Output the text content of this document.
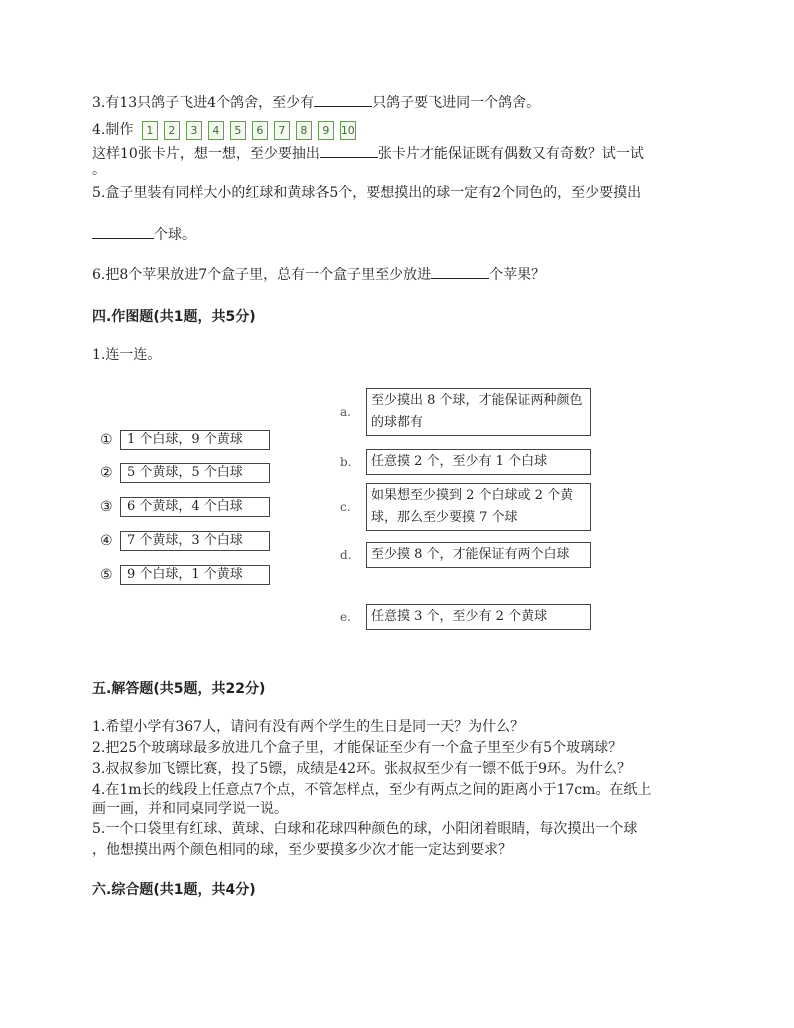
3.有13只鸽子飞进4个鸽舍，至少有	只鸽子要飞进同一个鸽舍。
4.制作	1	2	3	4	5	6	7	8	9	10
这样10张卡片，想一想，至少要抽出	张卡片才能保证既有偶数又有奇数？试一试
。
5.盒子里装有同样大小的红球和黄球各5个，要想摸出的球一定有2个同色的，至少要摸出
个球。
6.把8个苹果放进7个盒子里，总有一个盒子里至少放进	个苹果？
四.作图题(共1题，共5分)
1.连一连。
①	1 个白球，9 个黄球
②	5 个黄球，5 个白球
③	6 个黄球，4 个白球
④	7 个黄球，3 个白球
⑤	9 个白球，1 个黄球
a.
至少摸出 8 个球，才能保证两种颜色的球都有
b.	任意摸 2 个，至少有 1 个白球
c.
如果想至少摸到 2 个白球或 2 个黄球，那么至少要摸 7 个球
d.	至少摸 8 个，才能保证有两个白球
e.	任意摸 3 个，至少有 2 个黄球
五.解答题(共5题，共22分)
1.希望小学有367人，请问有没有两个学生的生日是同一天？为什么？
2.把25个玻璃球最多放进几个盒子里，才能保证至少有一个盒子里至少有5个玻璃球？
3.叔叔参加飞镖比赛，投了5镖，成绩是42环。张叔叔至少有一镖不低于9环。为什么？
4.在1m长的线段上任意点7个点，不管怎样点，至少有两点之间的距离小于17cm。在纸上
画一画，并和同桌同学说一说。
5.一个口袋里有红球、黄球、白球和花球四种颜色的球，小阳闭着眼睛，每次摸出一个球
，他想摸出两个颜色相同的球，至少要摸多少次才能一定达到要求？
六.综合题(共1题，共4分)
